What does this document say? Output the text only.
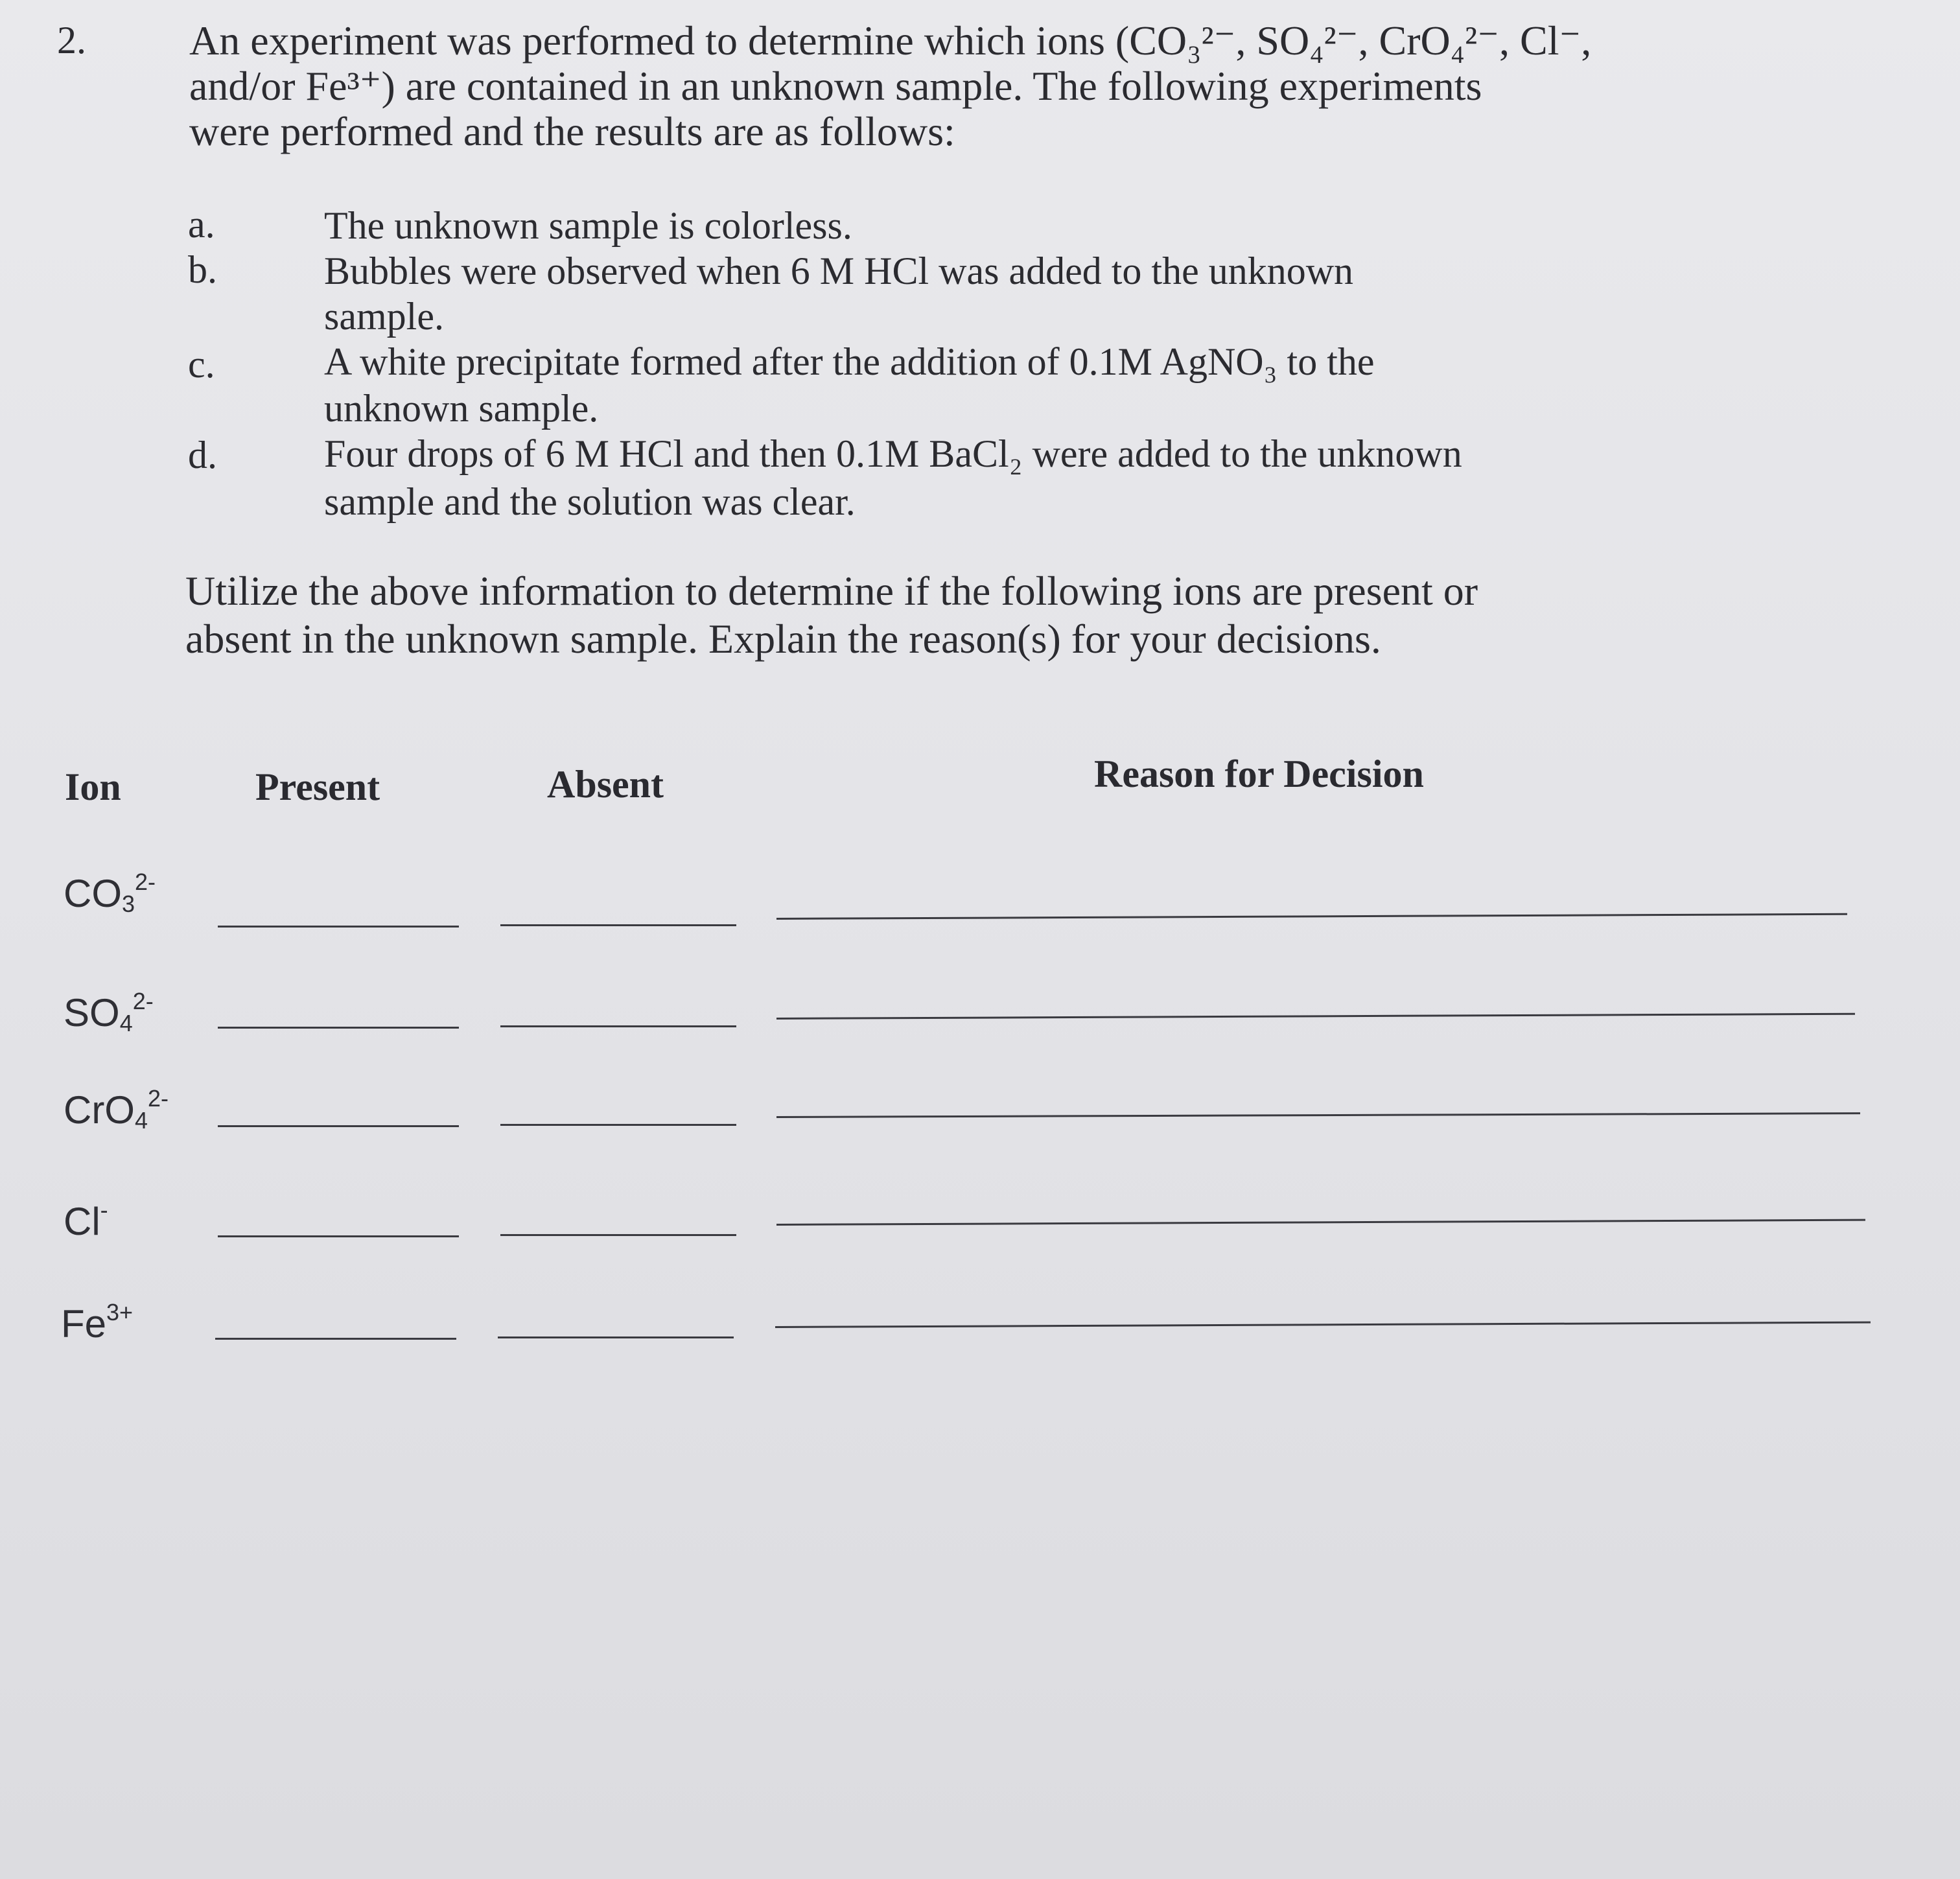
2. An experiment was performed to determine which ions (CO₃²⁻, SO₄²⁻, CrO₄²⁻, Cl⁻,
and/or Fe³⁺) are contained in an unknown sample. The following experiments
were performed and the results are as follows:
a.	The unknown sample is colorless.
b.	Bubbles were observed when 6 M HCl was added to the unknown
sample.
c.	A white precipitate formed after the addition of 0.1M AgNO₃ to the
unknown sample.
d.	Four drops of 6 M HCl and then 0.1M BaCl₂ were added to the unknown
sample and the solution was clear.
Utilize the above information to determine if the following ions are present or
absent in the unknown sample. Explain the reason(s) for your decisions.
Ion	Present	Absent	Reason for Decision
$CO_3^{2-}$
$SO_4^{2-}$
CrO$_4^{2-}$
Cl-
$Fe^{3+}$
